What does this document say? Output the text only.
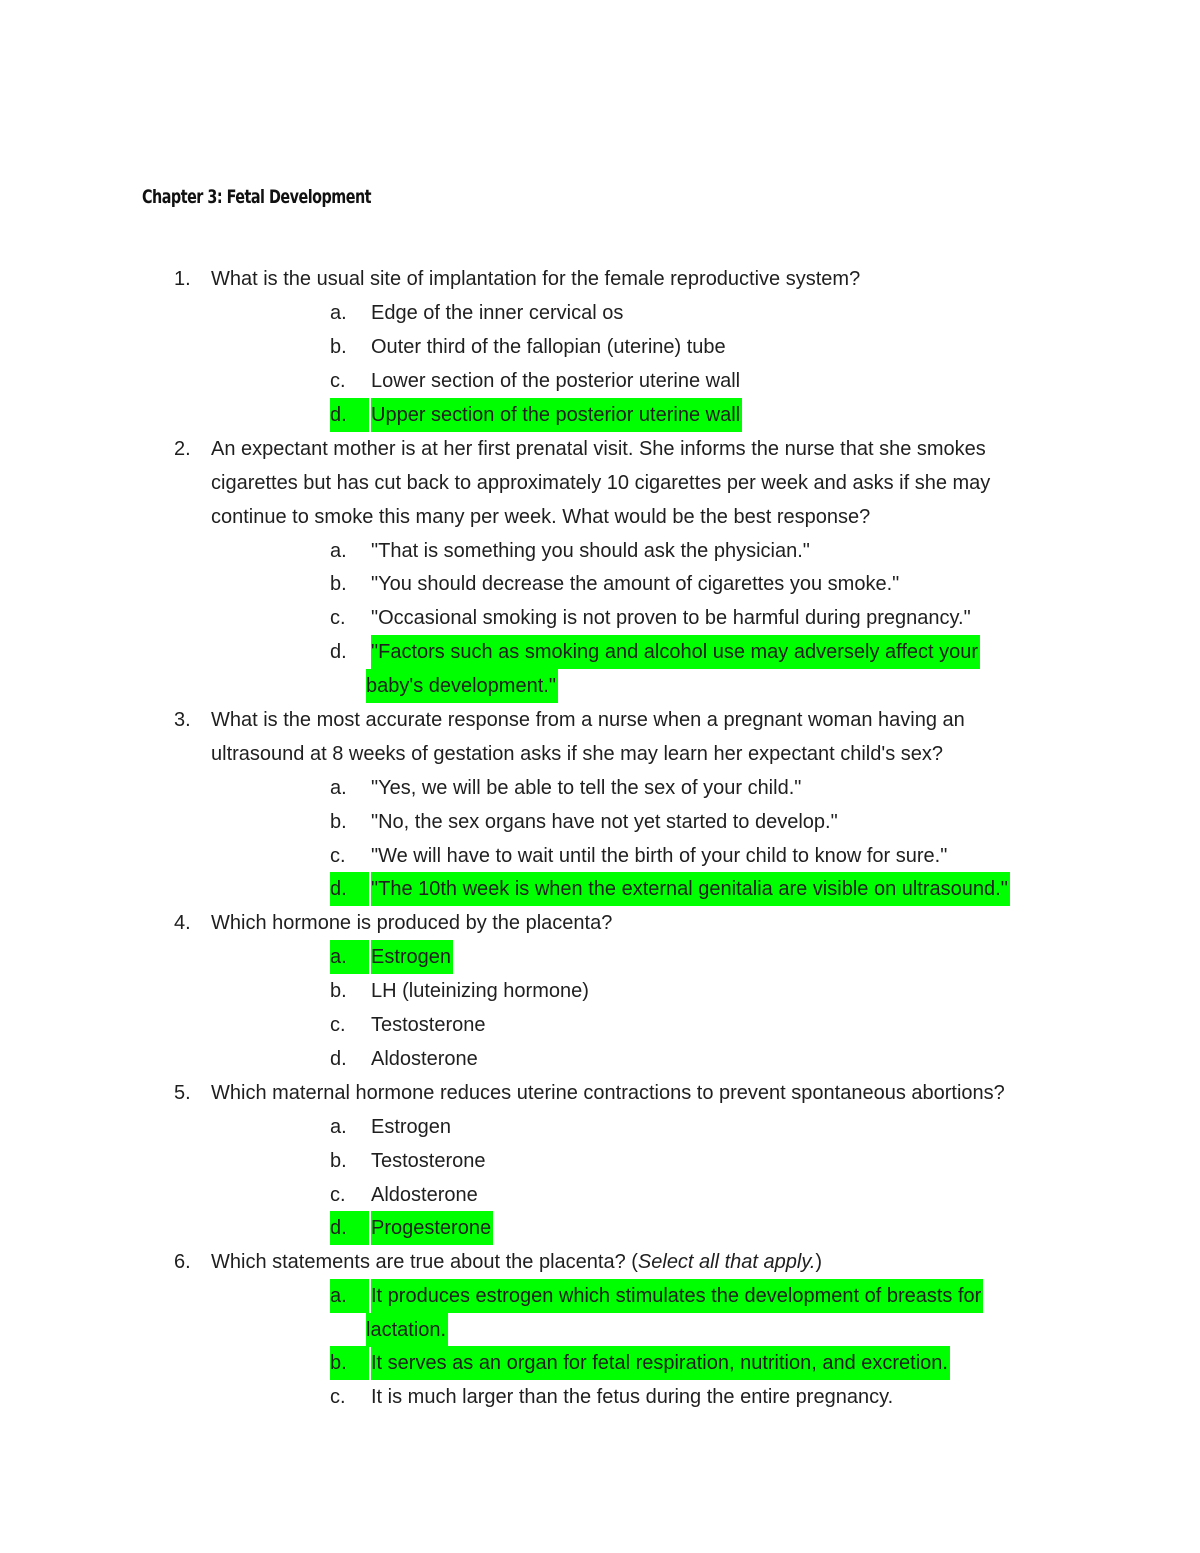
Chapter 3: Fetal Development
1.	What is the usual site of implantation for the female reproductive system?
a.	Edge of the inner cervical os
b.	Outer third of the fallopian (uterine) tube
c.	Lower section of the posterior uterine wall
d.	Upper section of the posterior uterine wall
2.	An expectant mother is at her first prenatal visit. She informs the nurse that she smokes
cigarettes but has cut back to approximately 10 cigarettes per week and asks if she may
continue to smoke this many per week. What would be the best response?
a.	"That is something you should ask the physician."
b.	"You should decrease the amount of cigarettes you smoke."
c.	"Occasional smoking is not proven to be harmful during pregnancy."
d.	"Factors such as smoking and alcohol use may adversely affect your
baby's development."
3.	What is the most accurate response from a nurse when a pregnant woman having an
ultrasound at 8 weeks of gestation asks if she may learn her expectant child's sex?
a.	"Yes, we will be able to tell the sex of your child."
b.	"No, the sex organs have not yet started to develop."
c.	"We will have to wait until the birth of your child to know for sure."
d.	"The 10th week is when the external genitalia are visible on ultrasound."
4.	Which hormone is produced by the placenta?
a.	Estrogen
b.	LH (luteinizing hormone)
c.	Testosterone
d.	Aldosterone
5.	Which maternal hormone reduces uterine contractions to prevent spontaneous abortions?
a.	Estrogen
b.	Testosterone
c.	Aldosterone
d.	Progesterone
6.	Which statements are true about the placenta? (Select all that apply.)
a.	It produces estrogen which stimulates the development of breasts for
lactation.
b.	It serves as an organ for fetal respiration, nutrition, and excretion.
c.	It is much larger than the fetus during the entire pregnancy.
